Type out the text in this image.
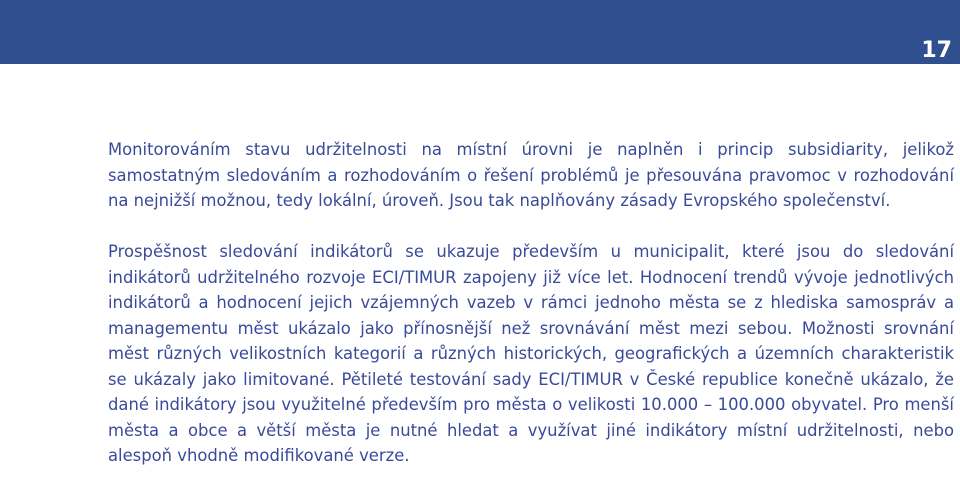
17

Monitorováním stavu udržitelnosti na místní úrovni je naplněn i princip subsidiarity, jelikož samostatným sledováním a rozhodováním o řešení problémů je přesouvána pravomoc v rozhodování na nejnižší možnou, tedy lokální, úroveň. Jsou tak naplňovány zásady Evropského společenství.

Prospěšnost sledování indikátorů se ukazuje především u municipalit, které jsou do sledování indikátorů udržitelného rozvoje ECI/TIMUR zapojeny již více let. Hodnocení trendů vývoje jednotlivých indikátorů a hodnocení jejich vzájemných vazeb v rámci jednoho města se z hlediska samospráv a managementu měst ukázalo jako přínosnější než srovnávání měst mezi sebou. Možnosti srovnání měst různých velikostních kategorií a různých historických, geografických a územních charakteristik se ukázaly jako limitované. Pětileté testování sady ECI/TIMUR v České republice konečně ukázalo, že dané indikátory jsou využitelné především pro města o velikosti 10.000 – 100.000 obyvatel. Pro menší města a obce a větší města je nutné hledat a využívat jiné indikátory místní udržitelnosti, nebo alespoň vhodně modifikované verze.
